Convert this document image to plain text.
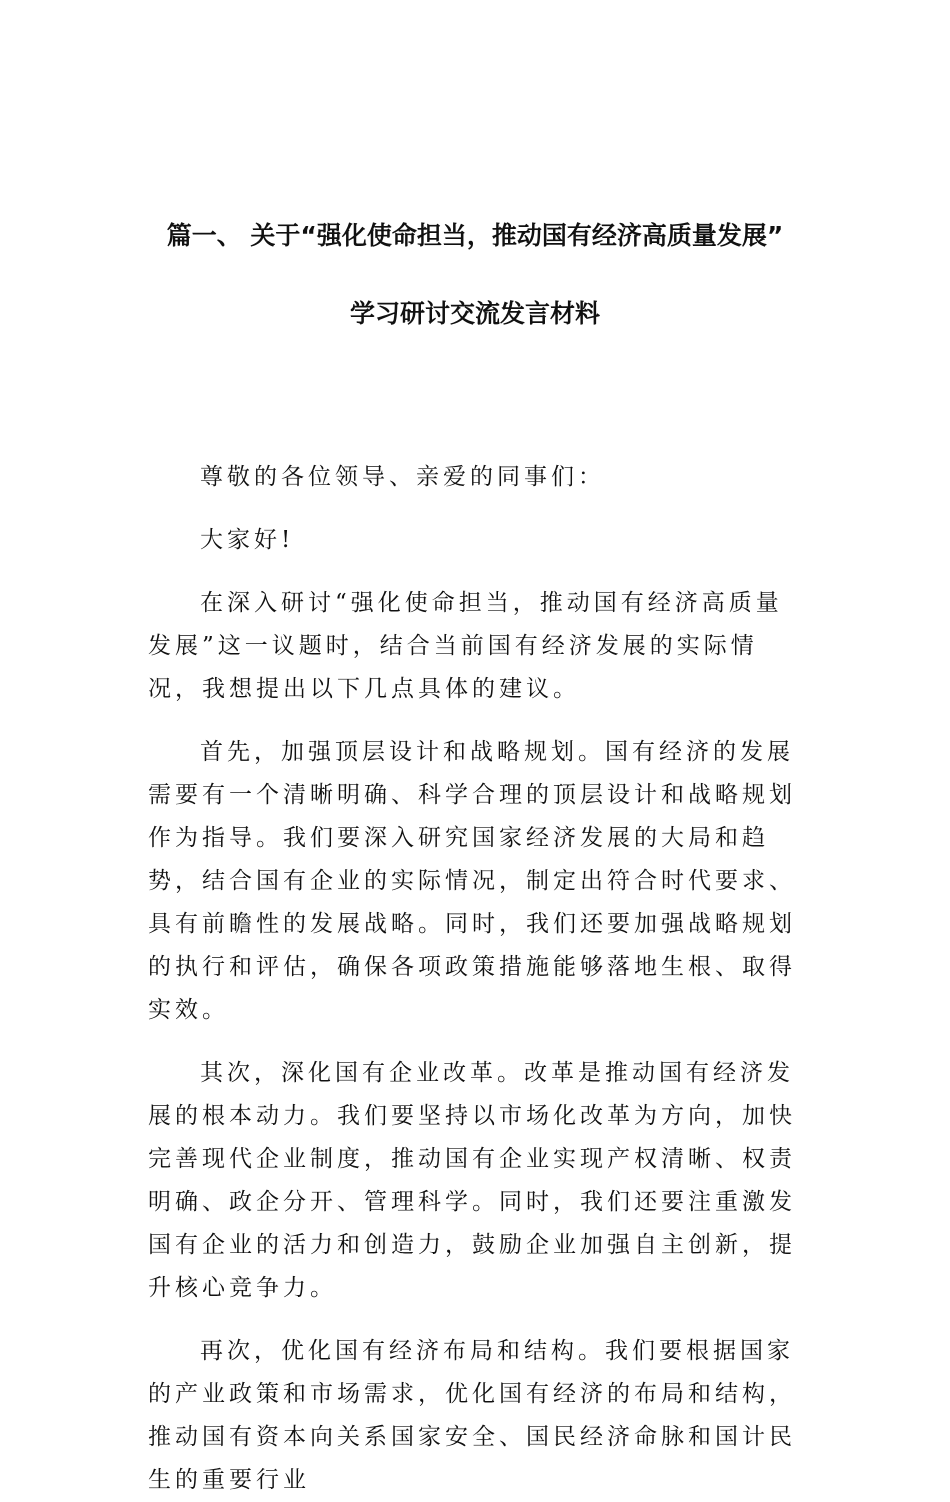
篇一、 关于“强化使命担当，推动国有经济高质量发展”
学习研讨交流发言材料

尊敬的各位领导、亲爱的同事们：

大家好!

在深入研讨“强化使命担当，推动国有经济高质量发展”这一议题时，结合当前国有经济发展的实际情况，我想提出以下几点具体的建议。

首先，加强顶层设计和战略规划。国有经济的发展需要有一个清晰明确、科学合理的顶层设计和战略规划作为指导。我们要深入研究国家经济发展的大局和趋势，结合国有企业的实际情况，制定出符合时代要求、具有前瞻性的发展战略。同时，我们还要加强战略规划的执行和评估，确保各项政策措施能够落地生根、取得实效。

其次，深化国有企业改革。改革是推动国有经济发展的根本动力。我们要坚持以市场化改革为方向，加快完善现代企业制度，推动国有企业实现产权清晰、权责明确、政企分开、管理科学。同时，我们还要注重激发国有企业的活力和创造力，鼓励企业加强自主创新，提升核心竞争力。

再次，优化国有经济布局和结构。我们要根据国家的产业政策和市场需求，优化国有经济的布局和结构，推动国有资本向关系国家安全、国民经济命脉和国计民生的重要行业
